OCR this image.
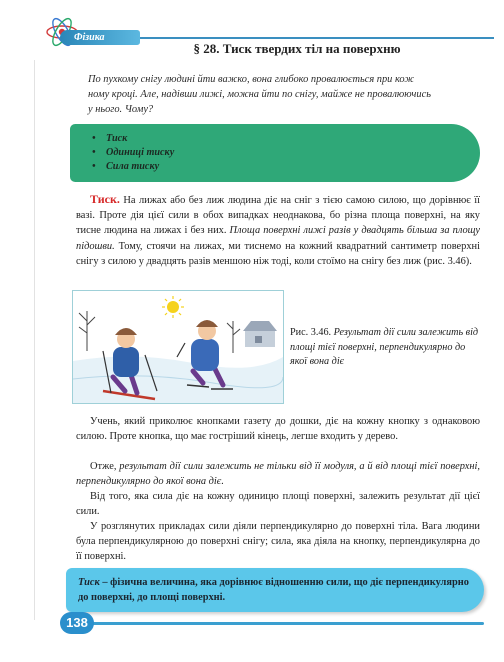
Фізика
§ 28. Тиск твердих тіл на поверхню
По пухкому снігу людині йти важко, вона глибоко провалюється при кож
ному кроці. Але, надівши лижі, можна йти по снігу, майже не провалюючись
у нього. Чому?
• Тиск
• Одиниці тиску
• Сила тиску
Тиск. На лижах або без лиж людина діє на сніг з тією самою силою, що дорівнює її вазі. Проте дія цієї сили в обох випадках неоднакова, бо різна площа поверхні, на яку тисне людина на лижах і без них. Площа поверхні лижі разів у двадцять більша за площу підошви. Тому, стоячи на лижах, ми тиснемо на кожний квадратний сантиметр поверхні снігу з силою у двадцять разів меншою ніж тоді, коли стоїмо на снігу без лиж (рис. 3.46).
Рис. 3.46. Результат дії сили залежить від площі тієї поверхні, перпендикулярно до якої вона діє
Учень, який приколює кнопками газету до дошки, діє на кожну кнопку з однаковою силою. Проте кнопка, що має гостріший кінець, легше входить у дерево.
Отже, результат дії сили залежить не тільки від її модуля, а й від площі тієї поверхні, перпендикулярно до якої вона діє.
Від того, яка сила діє на кожну одиницю площі поверхні, залежить результат дії цієї сили.
У розглянутих прикладах сили діяли перпендикулярно до поверхні тіла. Вага людини була перпендикулярною до поверхні снігу; сила, яка діяла на кнопку, перпендикулярна до її поверхні.
Тиск – фізична величина, яка дорівнює відношенню сили, що діє перпендикулярно до поверхні, до площі поверхні.
138
